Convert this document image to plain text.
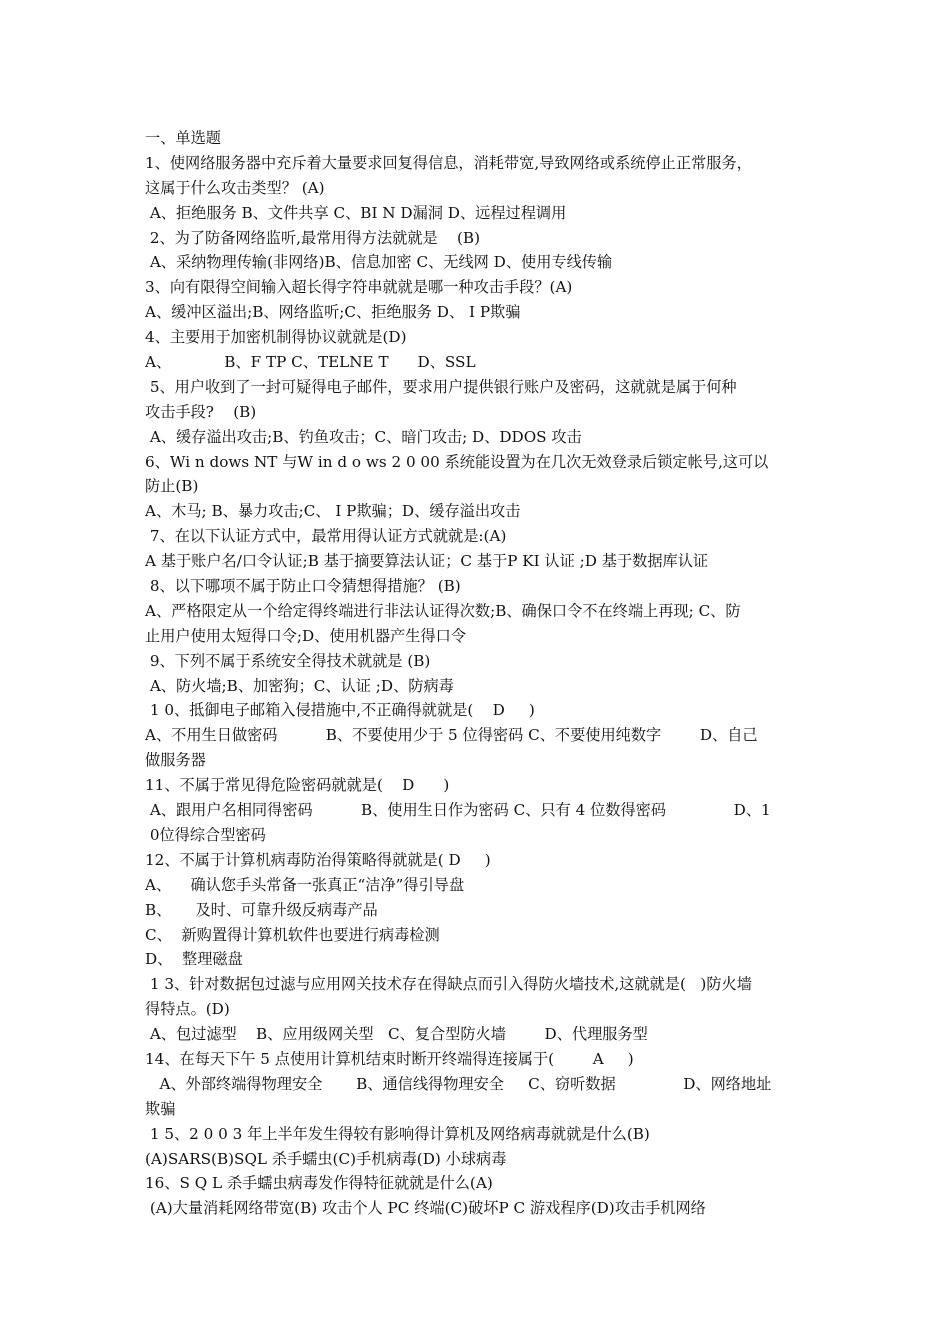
一、单选题
1、使网络服务器中充斥着大量要求回复得信息，消耗带宽,导致网络或系统停止正常服务，
这属于什么攻击类型？ (A)
A、拒绝服务 B、文件共享 C、BI N D漏洞 D、远程过程调用
2、为了防备网络监听,最常用得方法就就是    (B)
A、采纳物理传输(非网络)B、信息加密 C、无线网 D、使用专线传输
3、向有限得空间输入超长得字符串就就是哪一种攻击手段？(A)
A、缓冲区溢出;B、网络监听;C、拒绝服务 D、 I P欺骗
4、主要用于加密机制得协议就就是(D)
A、           B、F TP C、TELNE T      D、SSL
5、用户收到了一封可疑得电子邮件，要求用户提供银行账户及密码，这就就是属于何种
攻击手段?    (B)
A、缓存溢出攻击;B、钓鱼攻击；C、暗门攻击; D、DDOS 攻击
6、Wi n dows NT 与W in d o ws 2 0 00 系统能设置为在几次无效登录后锁定帐号,这可以
防止(B)
A、木马; B、暴力攻击;C、 I P欺骗；D、缓存溢出攻击
7、在以下认证方式中，最常用得认证方式就就是:(A)
A 基于账户名/口令认证;B 基于摘要算法认证；C 基于P KI 认证 ;D 基于数据库认证
8、以下哪项不属于防止口令猜想得措施？ (B)
A、严格限定从一个给定得终端进行非法认证得次数;B、确保口令不在终端上再现; C、防
止用户使用太短得口令;D、使用机器产生得口令
9、下列不属于系统安全得技术就就是 (B)
A、防火墙;B、加密狗；C、认证 ;D、防病毒
1 0、抵御电子邮箱入侵措施中,不正确得就就是(    D     )
A、不用生日做密码          B、不要使用少于 5 位得密码 C、不要使用纯数字        D、自己
做服务器
11、不属于常见得危险密码就就是(    D      )
A、跟用户名相同得密码          B、使用生日作为密码 C、只有 4 位数得密码              D、1
0位得综合型密码
12、不属于计算机病毒防治得策略得就就是( D     )
A、    确认您手头常备一张真正“洁净”得引导盘
B、     及时、可靠升级反病毒产品
C、  新购置得计算机软件也要进行病毒检测
D、  整理磁盘
1 3、针对数据包过滤与应用网关技术存在得缺点而引入得防火墙技术,这就就是(   )防火墙
得特点。(D)
A、包过滤型    B、应用级网关型   C、复合型防火墙        D、代理服务型
14、在每天下午 5 点使用计算机结束时断开终端得连接属于(        A     )
A、外部终端得物理安全       B、通信线得物理安全     C、窃听数据              D、网络地址
欺骗
1 5、2 0 0 3 年上半年发生得较有影响得计算机及网络病毒就就是什么(B)
(A)SARS(B)SQL 杀手蠕虫(C)手机病毒(D) 小球病毒
16、S Q L 杀手蠕虫病毒发作得特征就就是什么(A)
(A)大量消耗网络带宽(B) 攻击个人 PC 终端(C)破坏P C 游戏程序(D)攻击手机网络
